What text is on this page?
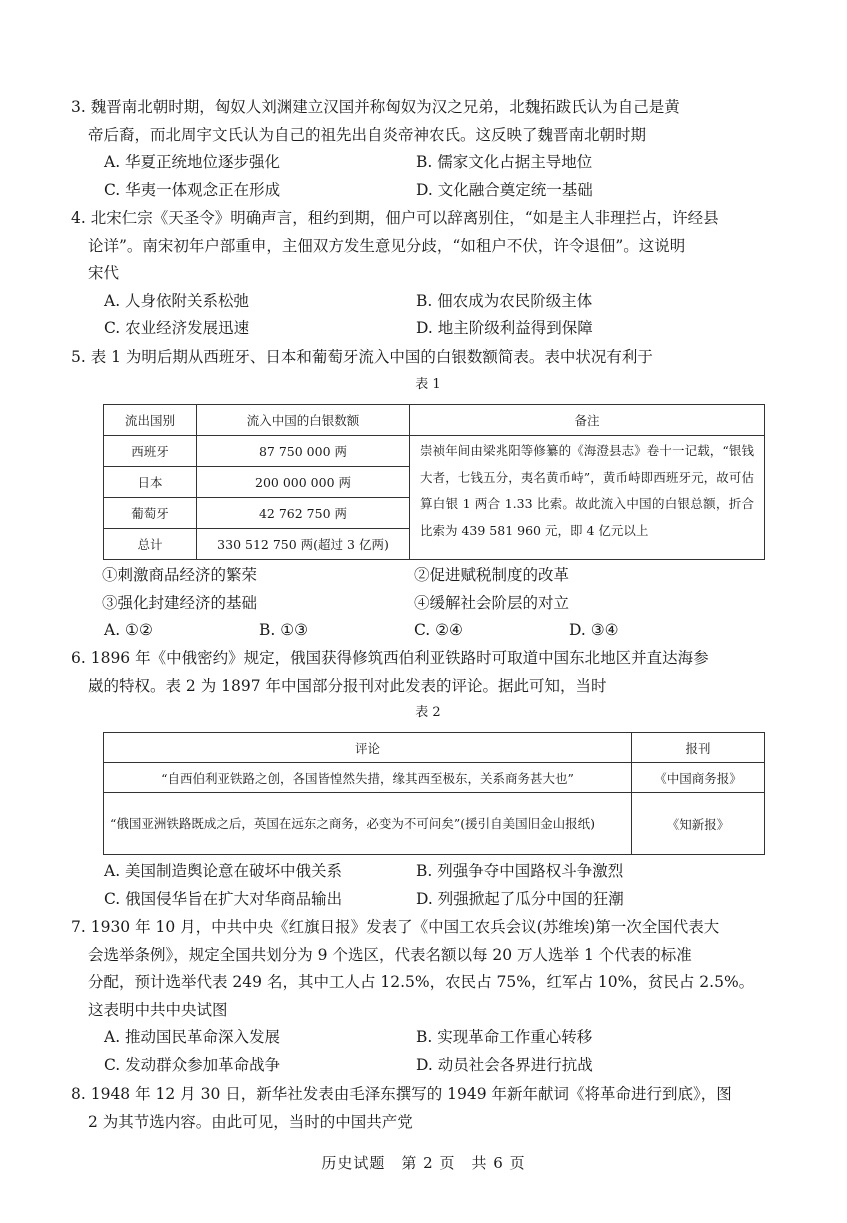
3. 魏晋南北朝时期，匈奴人刘渊建立汉国并称匈奴为汉之兄弟，北魏拓跋氏认为自己是黄
帝后裔，而北周宇文氏认为自己的祖先出自炎帝神农氏。这反映了魏晋南北朝时期
A. 华夏正统地位逐步强化	B. 儒家文化占据主导地位
C. 华夷一体观念正在形成	D. 文化融合奠定统一基础
4. 北宋仁宗《天圣令》明确声言，租约到期，佃户可以辞离别住，“如是主人非理拦占，许经县
论详”。南宋初年户部重申，主佃双方发生意见分歧，“如租户不伏，许令退佃”。这说明
宋代
A. 人身依附关系松弛	B. 佃农成为农民阶级主体
C. 农业经济发展迅速	D. 地主阶级利益得到保障
5. 表 1 为明后期从西班牙、日本和葡萄牙流入中国的白银数额简表。表中状况有利于
表 1
流出国别	流入中国的白银数额	备注
西班牙	87 750 000 两	崇祯年间由梁兆阳等修纂的《海澄县志》卷十一记载，“银钱大者，七钱五分，夷名黄币峙”，黄币峙即西班牙元，故可估算白银 1 两合 1.33 比索。故此流入中国的白银总额，折合比索为 439 581 960 元，即 4 亿元以上
日本	200 000 000 两	
葡萄牙	42 762 750 两	
总计	330 512 750 两(超过 3 亿两)	
①刺激商品经济的繁荣	②促进赋税制度的改革
③强化封建经济的基础	④缓解社会阶层的对立
A. ①②	B. ①③	C. ②④	D. ③④
6. 1896 年《中俄密约》规定，俄国获得修筑西伯利亚铁路时可取道中国东北地区并直达海参
崴的特权。表 2 为 1897 年中国部分报刊对此发表的评论。据此可知，当时
表 2
评论	报刊
“自西伯利亚铁路之创，各国皆惶然失措，缘其西至极东，关系商务甚大也”	《中国商务报》
“俄国亚洲铁路既成之后，英国在远东之商务，必变为不可问矣”(援引自美国旧金山报纸)	《知新报》
A. 美国制造舆论意在破坏中俄关系	B. 列强争夺中国路权斗争激烈
C. 俄国侵华旨在扩大对华商品输出	D. 列强掀起了瓜分中国的狂潮
7. 1930 年 10 月，中共中央《红旗日报》发表了《中国工农兵会议(苏维埃)第一次全国代表大
会选举条例》，规定全国共划分为 9 个选区，代表名额以每 20 万人选举 1 个代表的标准
分配，预计选举代表 249 名，其中工人占 12.5%，农民占 75%，红军占 10%，贫民占 2.5%。
这表明中共中央试图
A. 推动国民革命深入发展	B. 实现革命工作重心转移
C. 发动群众参加革命战争	D. 动员社会各界进行抗战
8. 1948 年 12 月 30 日，新华社发表由毛泽东撰写的 1949 年新年献词《将革命进行到底》，图
2 为其节选内容。由此可见，当时的中国共产党
历史试题　第 2 页　共 6 页
